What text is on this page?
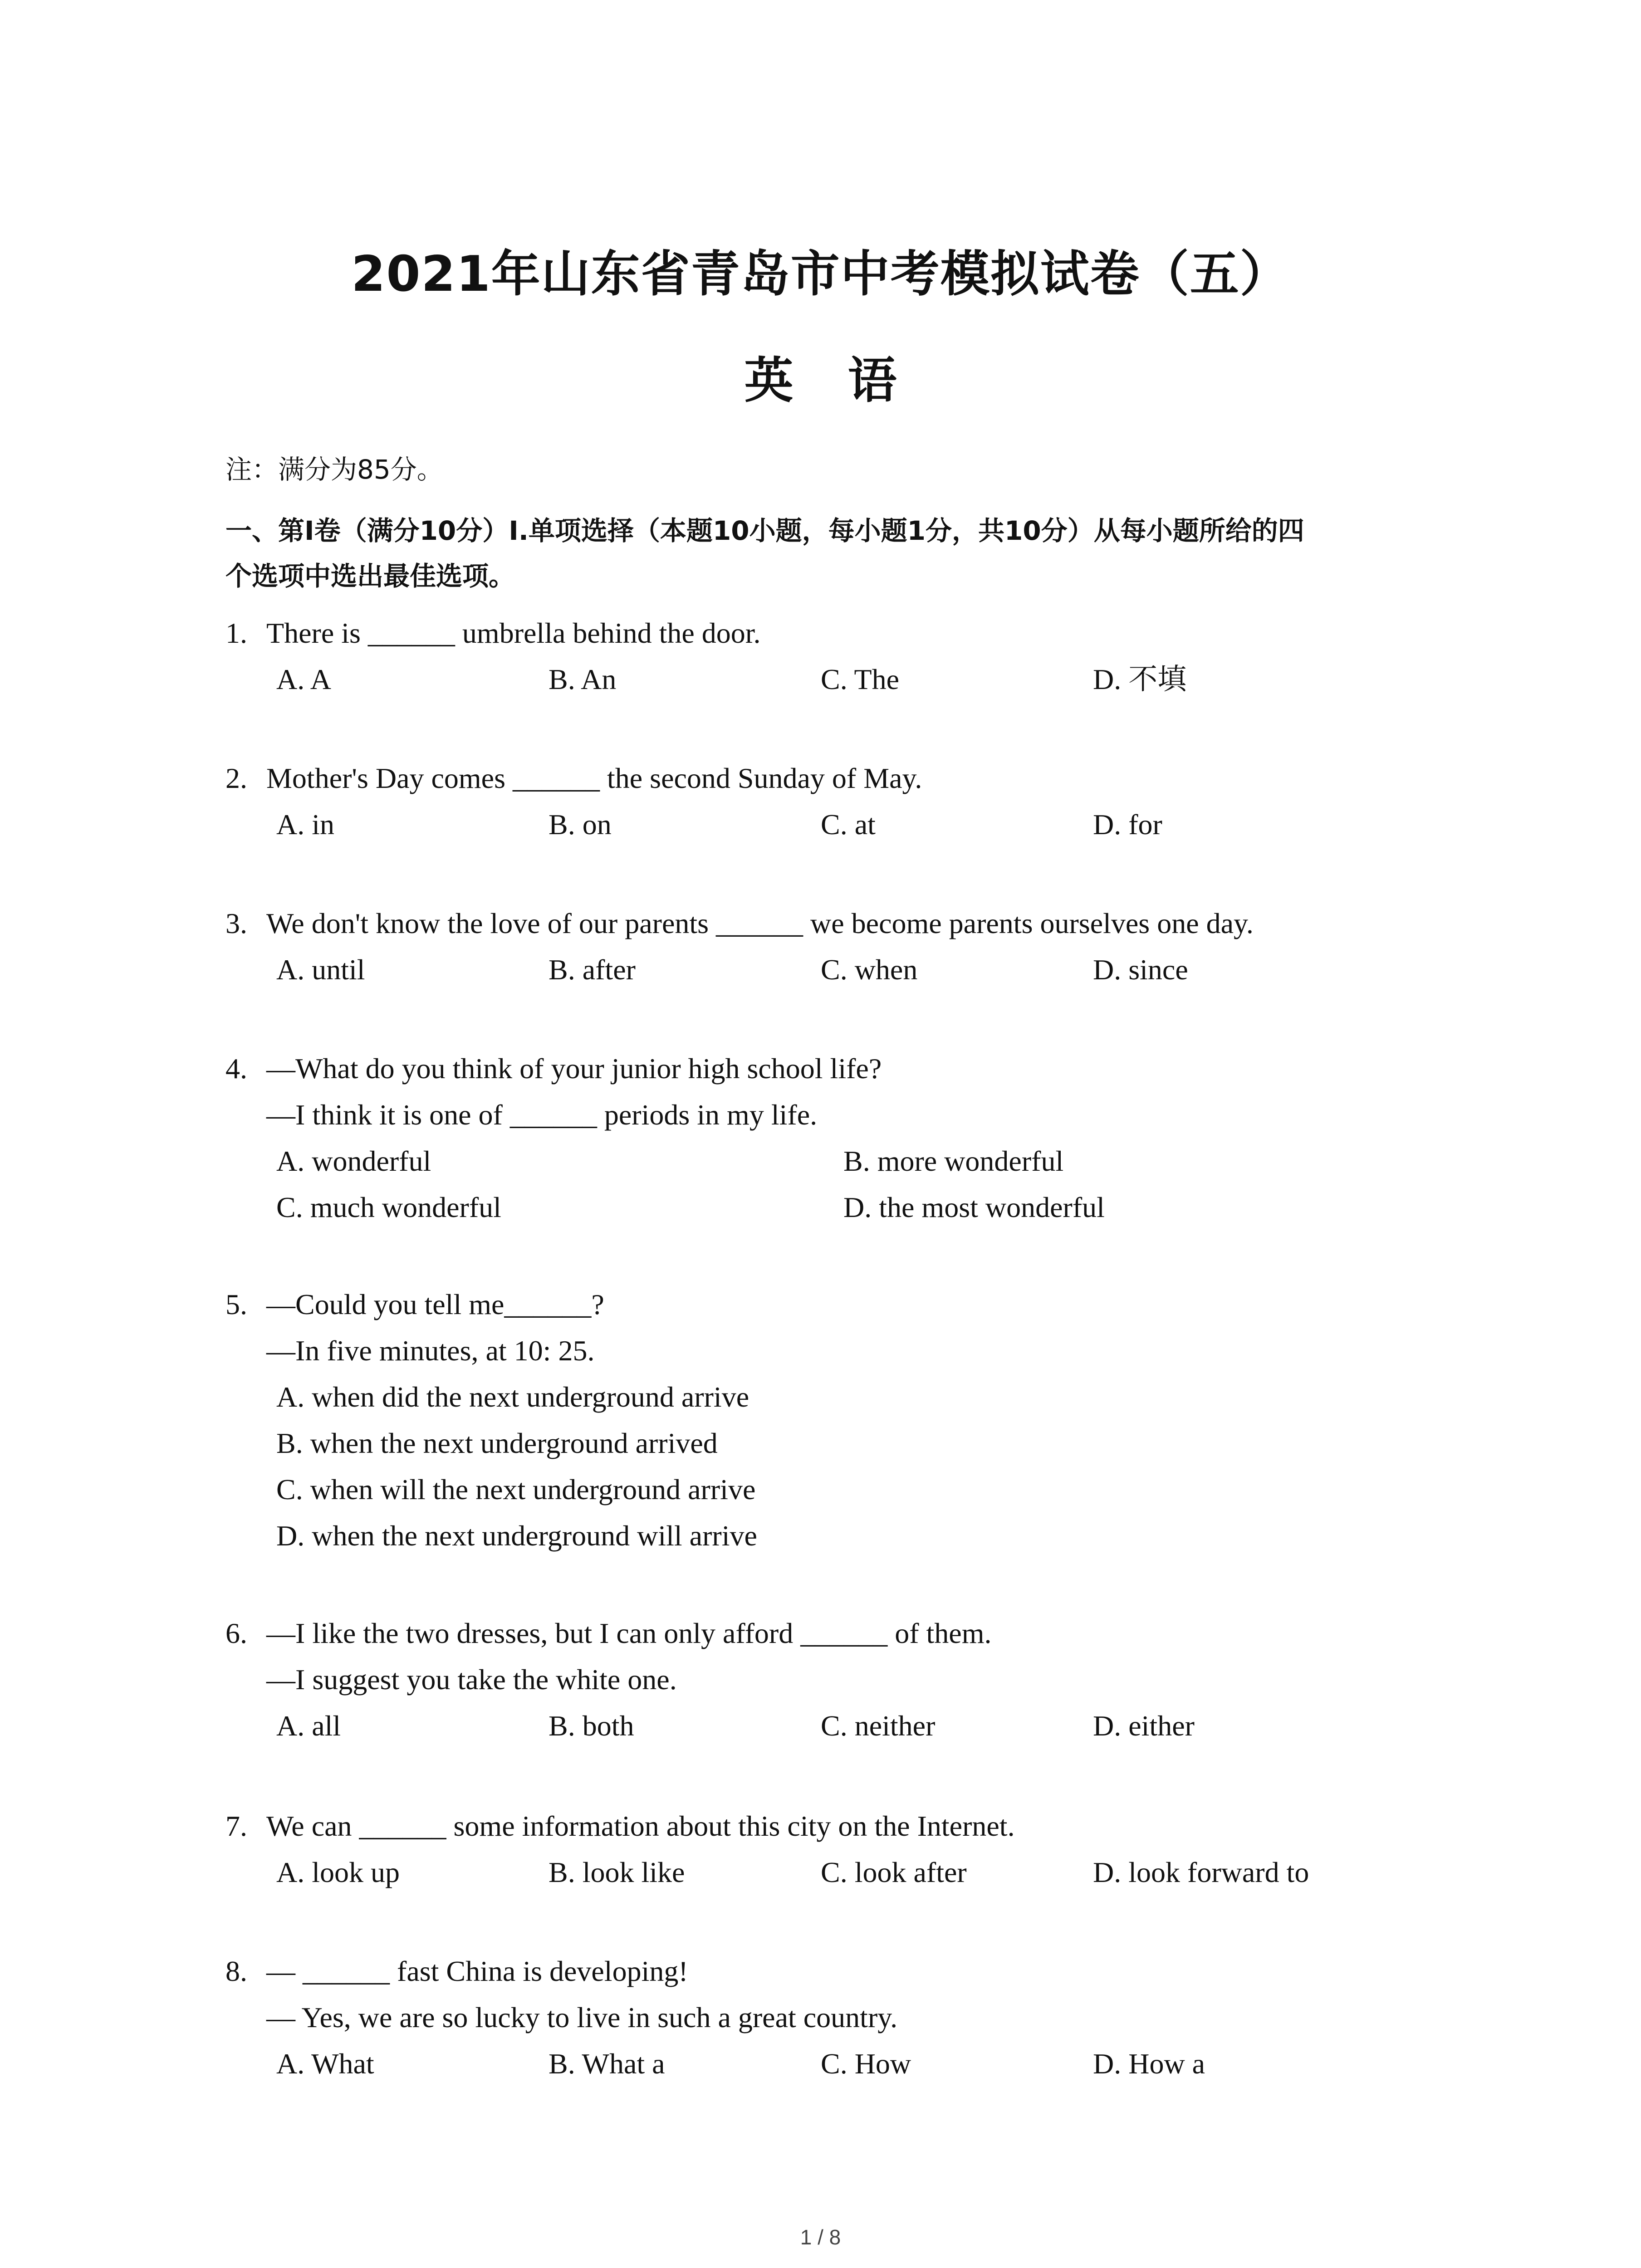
2021年山东省青岛市中考模拟试卷（五）
英 语
注：满分为85分。
一、第Ⅰ卷（满分10分）Ⅰ.单项选择（本题10小题，每小题1分，共10分）从每小题所给的四
个选项中选出最佳选项。
1. There is ______ umbrella behind the door.
A. A	B. An	C. The	D. 不填
2. Mother's Day comes ______ the second Sunday of May.
A. in	B. on	C. at	D. for
3. We don't know the love of our parents ______ we become parents ourselves one day.
A. until	B. after	C. when	D. since
4. —What do you think of your junior high school life?
—I think it is one of ______ periods in my life.
A. wonderful	B. more wonderful
C. much wonderful	D. the most wonderful
5. —Could you tell me______?
—In five minutes, at 10: 25.
A. when did the next underground arrive
B. when the next underground arrived
C. when will the next underground arrive
D. when the next underground will arrive
6. —I like the two dresses, but I can only afford ______ of them.
—I suggest you take the white one.
A. all	B. both	C. neither	D. either
7. We can ______ some information about this city on the Internet.
A. look up	B. look like	C. look after	D. look forward to
8. — ______ fast China is developing!
— Yes, we are so lucky to live in such a great country.
A. What	B. What a	C. How	D. How a
1 / 8
